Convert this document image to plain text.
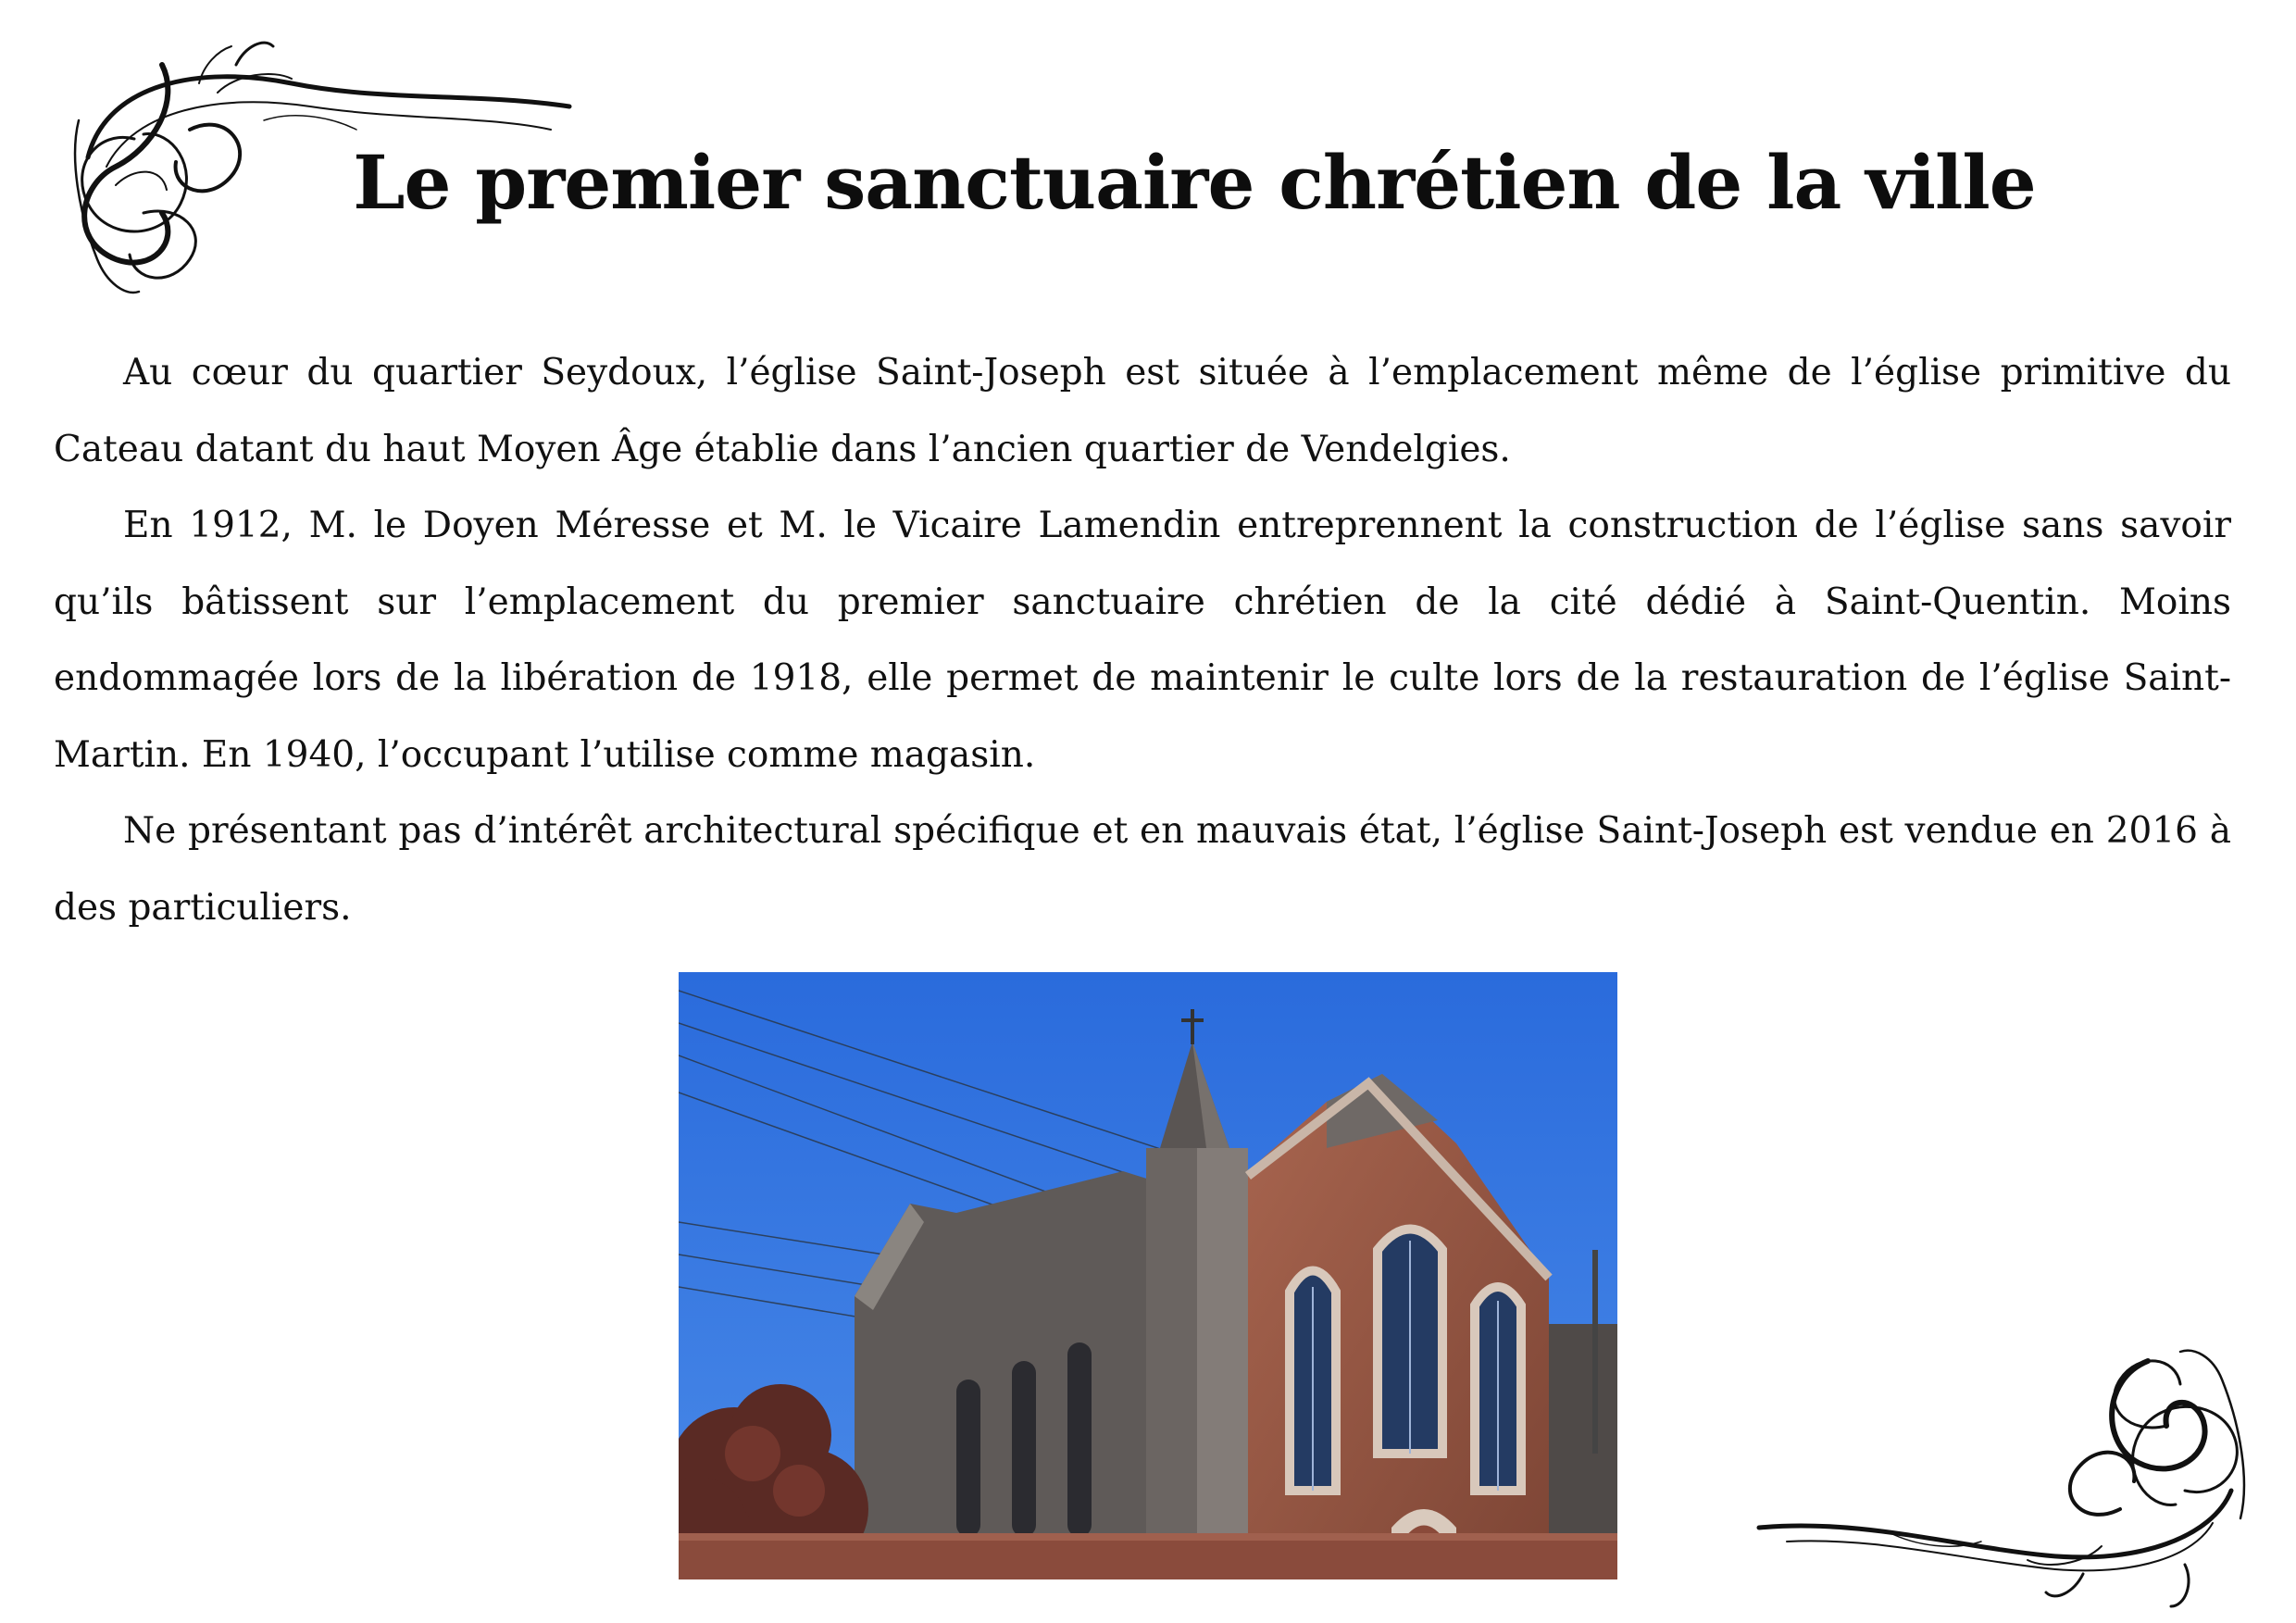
Le premier sanctuaire chrétien de la ville

Au cœur du quartier Seydoux, l’église Saint-Joseph est située à l’emplacement même de l’église primitive du Cateau datant du haut Moyen Âge établie dans l’ancien quartier de Vendelgies.

En 1912, M. le Doyen Méresse et M. le Vicaire Lamendin entreprennent la construction de l’église sans savoir qu’ils bâtissent sur l’emplacement du premier sanctuaire chrétien de la cité dédié à Saint-Quentin. Moins endommagée lors de la libération de 1918, elle permet de maintenir le culte lors de la restauration de l’église Saint-Martin. En 1940, l’occupant l’utilise comme magasin.

Ne présentant pas d’intérêt architectural spécifique et en mauvais état, l’église Saint-Joseph est vendue en 2016 à des particuliers.
